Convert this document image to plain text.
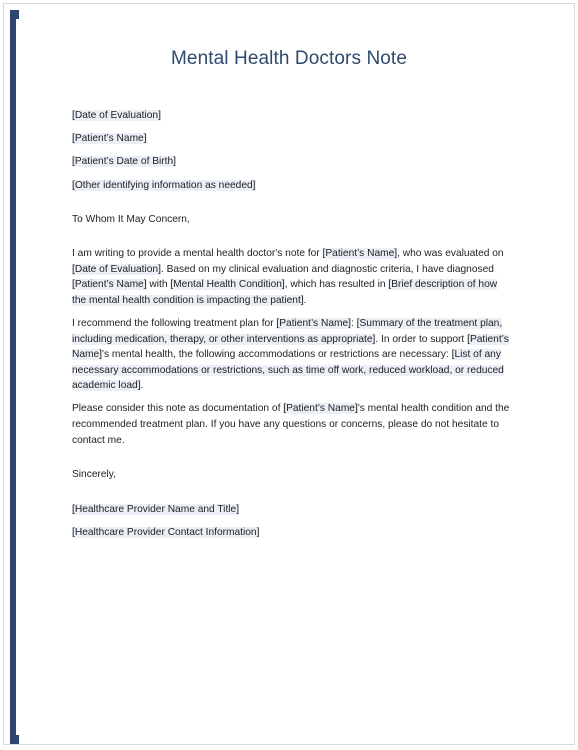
Mental Health Doctors Note
[Date of Evaluation]
[Patient’s Name]
[Patient’s Date of Birth]
[Other identifying information as needed]
To Whom It May Concern,
I am writing to provide a mental health doctor's note for [Patient’s Name], who was evaluated on [Date of Evaluation]. Based on my clinical evaluation and diagnostic criteria, I have diagnosed [Patient’s Name] with [Mental Health Condition], which has resulted in [Brief description of how the mental health condition is impacting the patient].
I recommend the following treatment plan for [Patient’s Name]: [Summary of the treatment plan, including medication, therapy, or other interventions as appropriate]. In order to support [Patient’s Name]'s mental health, the following accommodations or restrictions are necessary: [List of any necessary accommodations or restrictions, such as time off work, reduced workload, or reduced academic load].
Please consider this note as documentation of [Patient’s Name]'s mental health condition and the recommended treatment plan. If you have any questions or concerns, please do not hesitate to contact me.
Sincerely,
[Healthcare Provider Name and Title]
[Healthcare Provider Contact Information]
